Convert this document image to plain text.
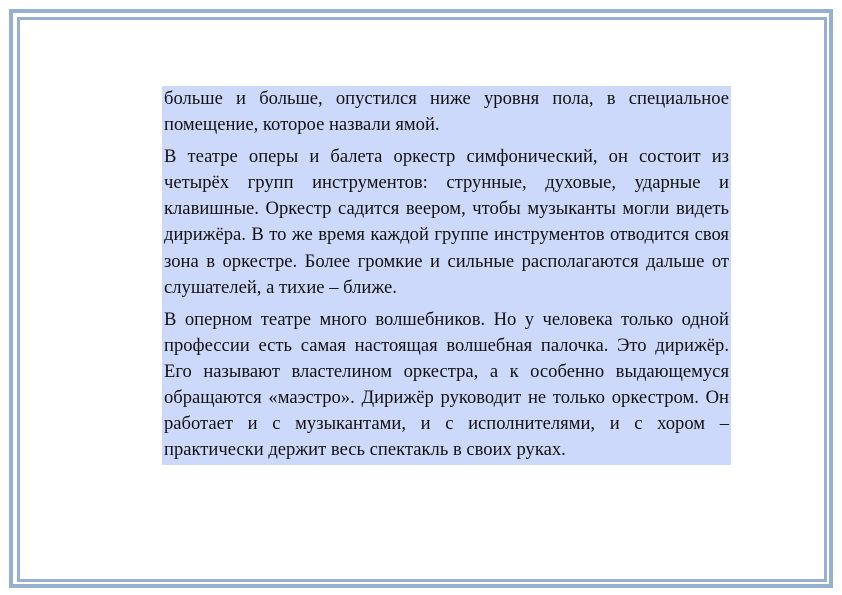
больше и больше, опустился ниже уровня пола, в специальное помещение, которое назвали ямой.

В театре оперы и балета оркестр симфонический, он состоит из четырёх групп инструментов: струнные, духовые, ударные и клавишные. Оркестр садится веером, чтобы музыканты могли видеть дирижёра. В то же время каждой группе инструментов отводится своя зона в оркестре. Более громкие и сильные располагаются дальше от слушателей, а тихие – ближе.

В оперном театре много волшебников. Но у человека только одной профессии есть самая настоящая волшебная палочка. Это дирижёр. Его называют властелином оркестра, а к особенно выдающемуся обращаются «маэстро». Дирижёр руководит не только оркестром. Он работает и с музыкантами, и с исполнителями, и с хором – практически держит весь спектакль в своих руках.
